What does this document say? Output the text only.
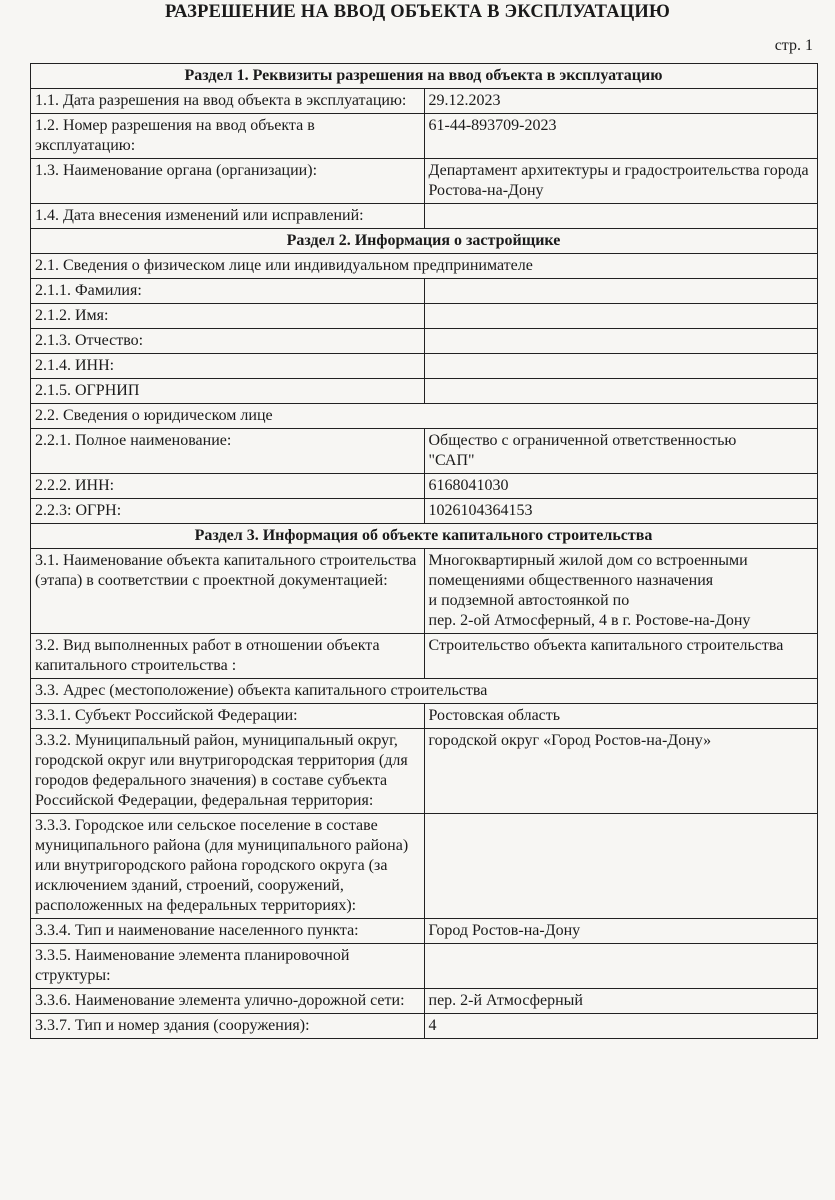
РАЗРЕШЕНИЕ НА ВВОД ОБЪЕКТА В ЭКСПЛУАТАЦИЮ
стр. 1
Раздел 1. Реквизиты разрешения на ввод объекта в эксплуатацию	
1.1. Дата разрешения на ввод объекта в эксплуатацию:	29.12.2023
1.2. Номер разрешения на ввод объекта в эксплуатацию:	61-44-893709-2023
1.3. Наименование органа (организации):	Департамент архитектуры и градостроительства города Ростова-на-Дону
1.4. Дата внесения изменений или исправлений:	
Раздел 2. Информация о застройщике	
2.1. Сведения о физическом лице или индивидуальном предпринимателе	
2.1.1. Фамилия:	
2.1.2. Имя:	
2.1.3. Отчество:	
2.1.4. ИНН:	
2.1.5. ОГРНИП	
2.2. Сведения о юридическом лице	
2.2.1. Полное наименование:	Общество с ограниченной ответственностью
"САП"

2.2.2. ИНН:	6168041030
2.2.3: ОГРН:	1026104364153
Раздел 3. Информация об объекте капитального строительства	
3.1. Наименование объекта капитального строительства (этапа) в соответствии с проектной документацией:	Многоквартирный жилой дом со встроенными
помещениями общественного назначения
и подземной автостоянкой по
пер. 2-ой Атмосферный, 4 в г. Ростове-на-Дону

3.2. Вид выполненных работ в отношении объекта капитального строительства :	Строительство объекта капитального строительства
3.3. Адрес (местоположение) объекта капитального строительства	
3.3.1. Субъект Российской Федерации:	Ростовская область
3.3.2. Муниципальный район, муниципальный округ, городской округ или внутригородская территория (для городов федерального значения) в составе субъекта Российской Федерации, федеральная территория:	городской округ «Город Ростов-на-Дону»
3.3.3. Городское или сельское поселение в составе муниципального района (для муниципального района) или внутригородского района городского округа (за исключением зданий, строений, сооружений, расположенных на федеральных территориях):	
3.3.4. Тип и наименование населенного пункта:	Город Ростов-на-Дону
3.3.5. Наименование элемента планировочной структуры:	
3.3.6. Наименование элемента улично-дорожной сети:	пер. 2-й Атмосферный
3.3.7. Тип и номер здания (сооружения):	4
